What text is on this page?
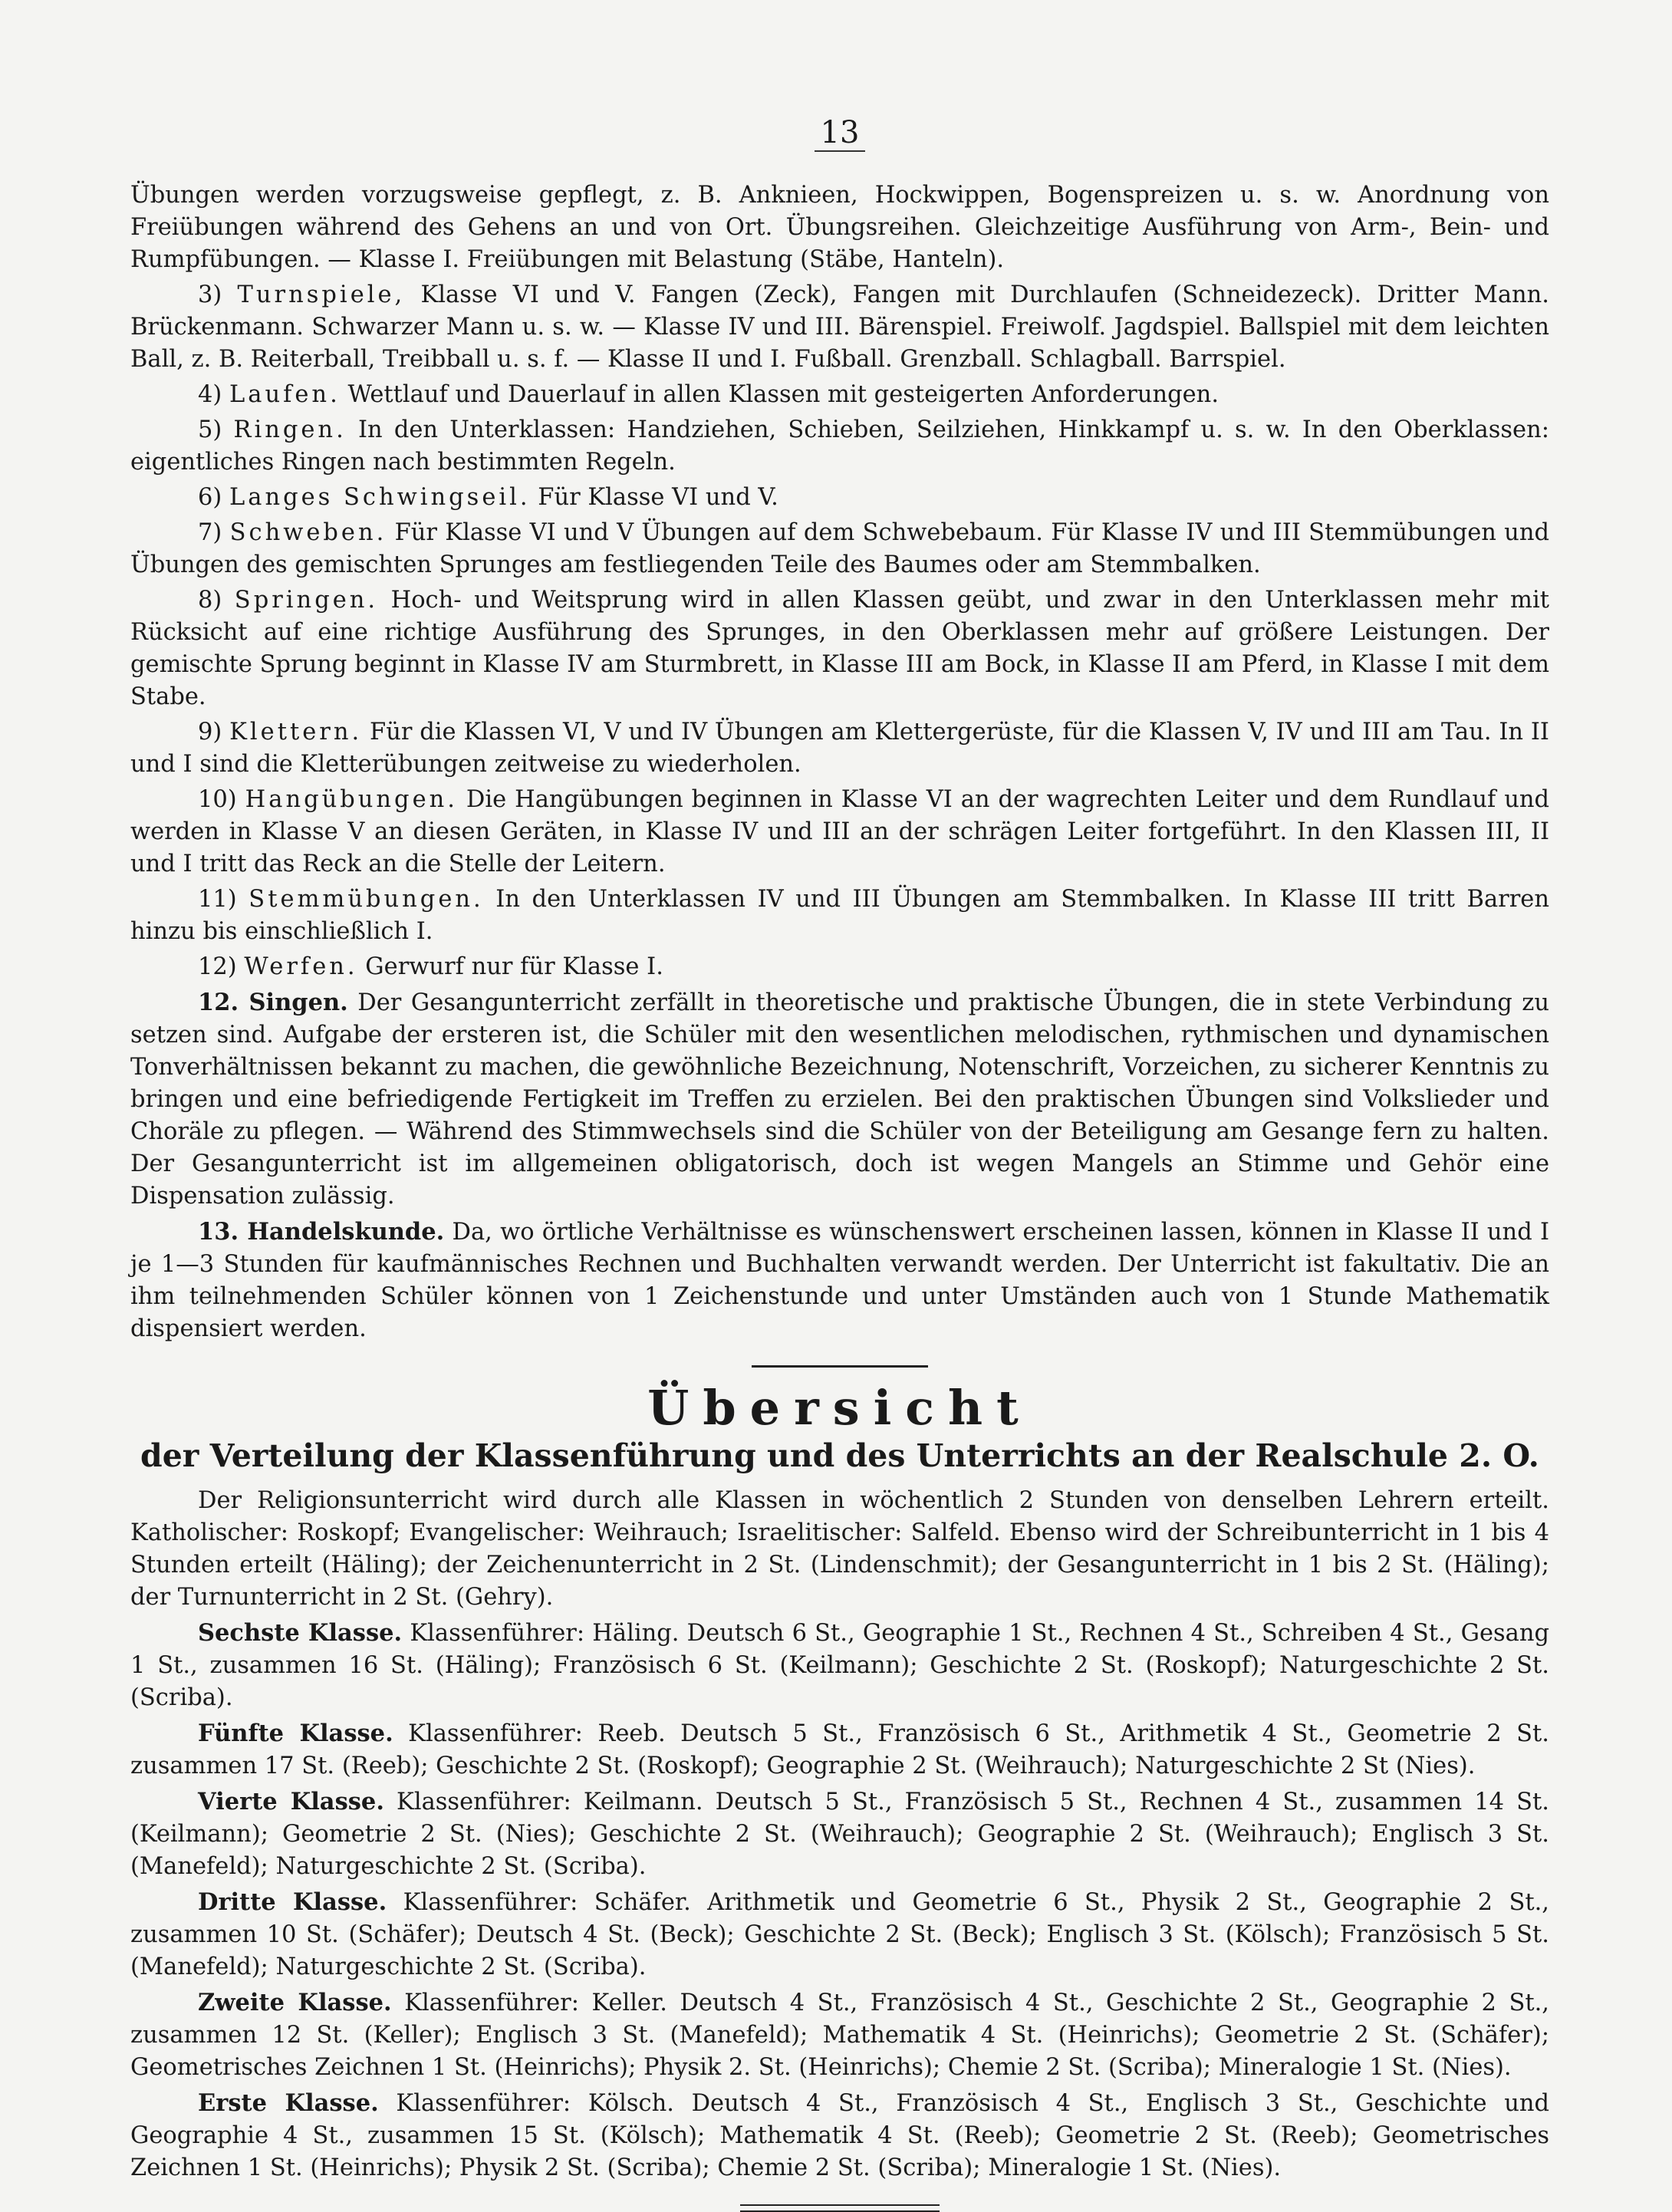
13

Übungen werden vorzugsweise gepflegt, z. B. Anknieen, Hockwippen, Bogenspreizen u. s. w. Anordnung von Freiübungen während des Gehens an und von Ort. Übungsreihen. Gleichzeitige Ausführung von Arm-, Bein- und Rumpfübungen. — Klasse I. Freiübungen mit Belastung (Stäbe, Hanteln).

3) Turnspiele, Klasse VI und V. Fangen (Zeck), Fangen mit Durchlaufen (Schneidezeck). Dritter Mann. Brückenmann. Schwarzer Mann u. s. w. — Klasse IV und III. Bärenspiel. Freiwolf. Jagdspiel. Ballspiel mit dem leichten Ball, z. B. Reiterball, Treibball u. s. f. — Klasse II und I. Fußball. Grenzball. Schlagball. Barrspiel.

4) Laufen. Wettlauf und Dauerlauf in allen Klassen mit gesteigerten Anforderungen.

5) Ringen. In den Unterklassen: Handziehen, Schieben, Seilziehen, Hinkkampf u. s. w. In den Oberklassen: eigentliches Ringen nach bestimmten Regeln.

6) Langes Schwingseil. Für Klasse VI und V.

7) Schweben. Für Klasse VI und V Übungen auf dem Schwebebaum. Für Klasse IV und III Stemmübungen und Übungen des gemischten Sprunges am festliegenden Teile des Baumes oder am Stemmbalken.

8) Springen. Hoch- und Weitsprung wird in allen Klassen geübt, und zwar in den Unterklassen mehr mit Rücksicht auf eine richtige Ausführung des Sprunges, in den Oberklassen mehr auf größere Leistungen. Der gemischte Sprung beginnt in Klasse IV am Sturmbrett, in Klasse III am Bock, in Klasse II am Pferd, in Klasse I mit dem Stabe.

9) Klettern. Für die Klassen VI, V und IV Übungen am Klettergerüste, für die Klassen V, IV und III am Tau. In II und I sind die Kletterübungen zeitweise zu wiederholen.

10) Hangübungen. Die Hangübungen beginnen in Klasse VI an der wagrechten Leiter und dem Rundlauf und werden in Klasse V an diesen Geräten, in Klasse IV und III an der schrägen Leiter fortgeführt. In den Klassen III, II und I tritt das Reck an die Stelle der Leitern.

11) Stemmübungen. In den Unterklassen IV und III Übungen am Stemmbalken. In Klasse III tritt Barren hinzu bis einschließlich I.

12) Werfen. Gerwurf nur für Klasse I.

12. Singen. Der Gesangunterricht zerfällt in theoretische und praktische Übungen, die in stete Verbindung zu setzen sind. Aufgabe der ersteren ist, die Schüler mit den wesentlichen melodischen, rythmischen und dynamischen Tonverhältnissen bekannt zu machen, die gewöhnliche Bezeichnung, Notenschrift, Vorzeichen, zu sicherer Kenntnis zu bringen und eine befriedigende Fertigkeit im Treffen zu erzielen. Bei den praktischen Übungen sind Volkslieder und Choräle zu pflegen. — Während des Stimmwechsels sind die Schüler von der Beteiligung am Gesange fern zu halten. Der Gesangunterricht ist im allgemeinen obligatorisch, doch ist wegen Mangels an Stimme und Gehör eine Dispensation zulässig.

13. Handelskunde. Da, wo örtliche Verhältnisse es wünschenswert erscheinen lassen, können in Klasse II und I je 1—3 Stunden für kaufmännisches Rechnen und Buchhalten verwandt werden. Der Unterricht ist fakultativ. Die an ihm teilnehmenden Schüler können von 1 Zeichenstunde und unter Umständen auch von 1 Stunde Mathematik dispensiert werden.

Übersicht
der Verteilung der Klassenführung und des Unterrichts an der Realschule 2. O.

Der Religionsunterricht wird durch alle Klassen in wöchentlich 2 Stunden von denselben Lehrern erteilt. Katholischer: Roskopf; Evangelischer: Weihrauch; Israelitischer: Salfeld. Ebenso wird der Schreibunterricht in 1 bis 4 Stunden erteilt (Häling); der Zeichenunterricht in 2 St. (Lindenschmit); der Gesangunterricht in 1 bis 2 St. (Häling); der Turnunterricht in 2 St. (Gehry).

Sechste Klasse. Klassenführer: Häling. Deutsch 6 St., Geographie 1 St., Rechnen 4 St., Schreiben 4 St., Gesang 1 St., zusammen 16 St. (Häling); Französisch 6 St. (Keilmann); Geschichte 2 St. (Roskopf); Naturgeschichte 2 St. (Scriba).

Fünfte Klasse. Klassenführer: Reeb. Deutsch 5 St., Französisch 6 St., Arithmetik 4 St., Geometrie 2 St. zusammen 17 St. (Reeb); Geschichte 2 St. (Roskopf); Geographie 2 St. (Weihrauch); Naturgeschichte 2 St (Nies).

Vierte Klasse. Klassenführer: Keilmann. Deutsch 5 St., Französisch 5 St., Rechnen 4 St., zusammen 14 St. (Keilmann); Geometrie 2 St. (Nies); Geschichte 2 St. (Weihrauch); Geographie 2 St. (Weihrauch); Englisch 3 St. (Manefeld); Naturgeschichte 2 St. (Scriba).

Dritte Klasse. Klassenführer: Schäfer. Arithmetik und Geometrie 6 St., Physik 2 St., Geographie 2 St., zusammen 10 St. (Schäfer); Deutsch 4 St. (Beck); Geschichte 2 St. (Beck); Englisch 3 St. (Kölsch); Französisch 5 St. (Manefeld); Naturgeschichte 2 St. (Scriba).

Zweite Klasse. Klassenführer: Keller. Deutsch 4 St., Französisch 4 St., Geschichte 2 St., Geographie 2 St., zusammen 12 St. (Keller); Englisch 3 St. (Manefeld); Mathematik 4 St. (Heinrichs); Geometrie 2 St. (Schäfer); Geometrisches Zeichnen 1 St. (Heinrichs); Physik 2. St. (Heinrichs); Chemie 2 St. (Scriba); Mineralogie 1 St. (Nies).

Erste Klasse. Klassenführer: Kölsch. Deutsch 4 St., Französisch 4 St., Englisch 3 St., Geschichte und Geographie 4 St., zusammen 15 St. (Kölsch); Mathematik 4 St. (Reeb); Geometrie 2 St. (Reeb); Geometrisches Zeichnen 1 St. (Heinrichs); Physik 2 St. (Scriba); Chemie 2 St. (Scriba); Mineralogie 1 St. (Nies).
